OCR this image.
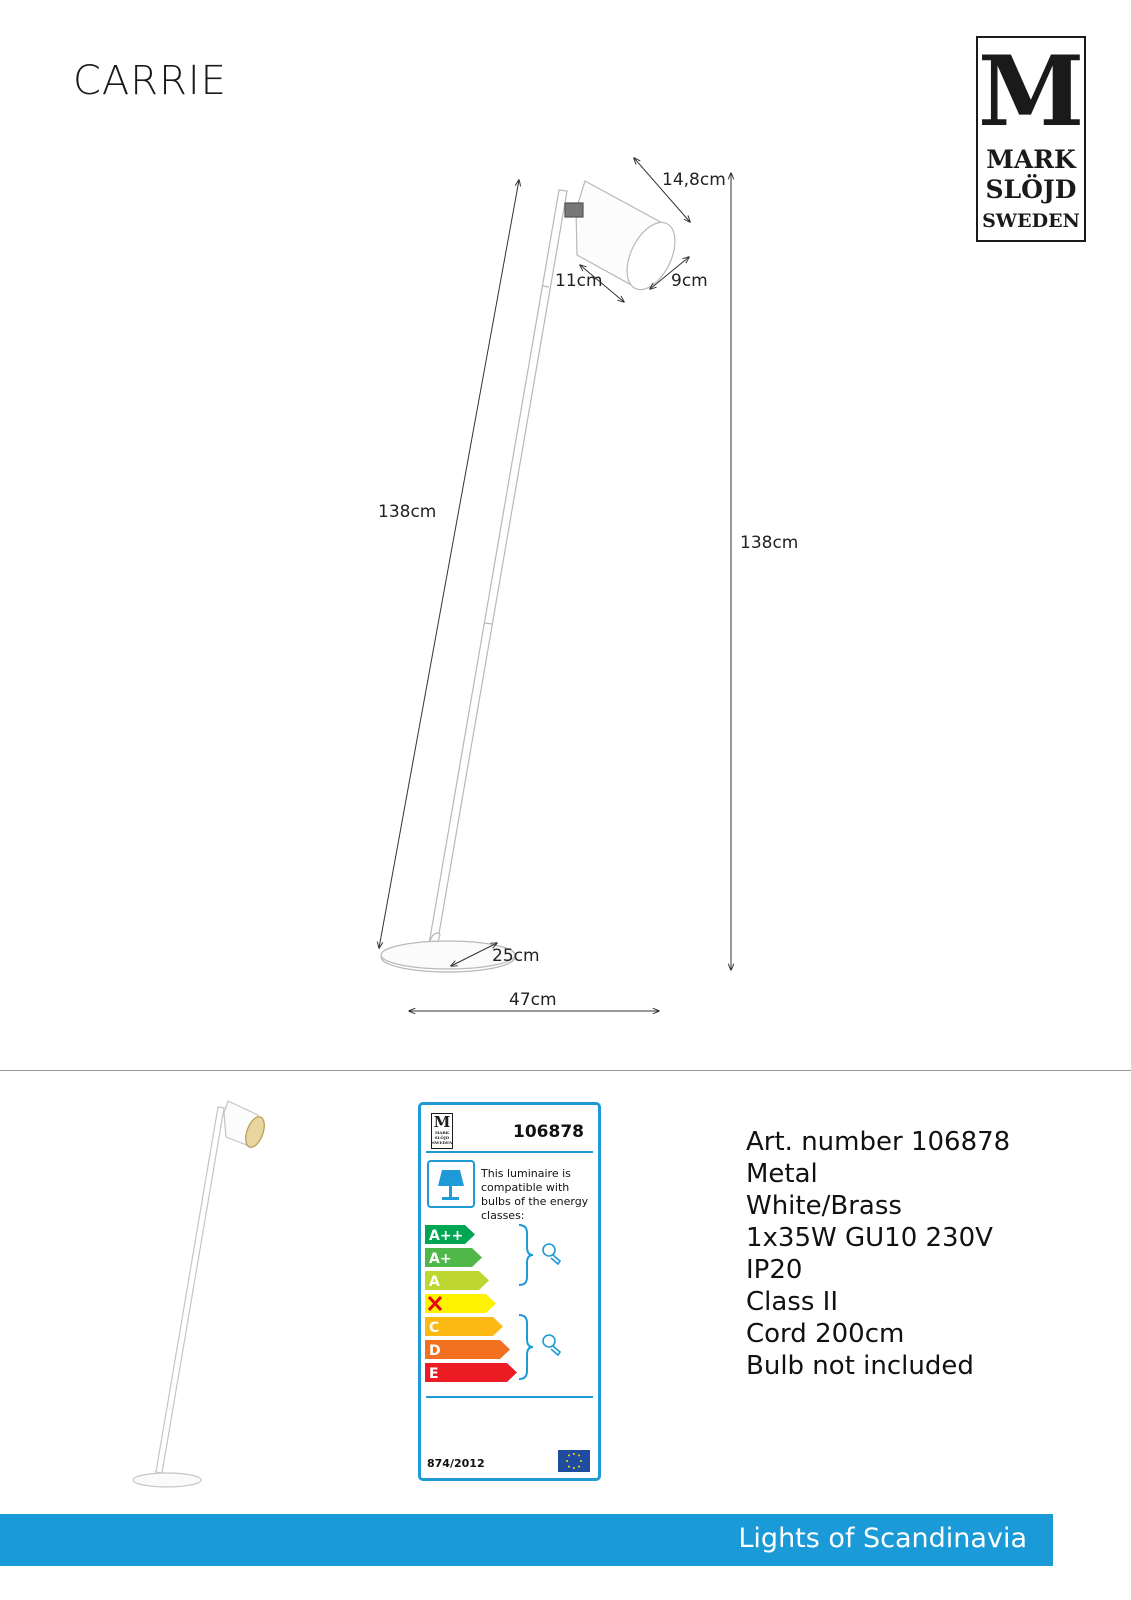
CARRIE	M
MARK
SLÖJD
SWEDEN
14,8cm
11cm	9cm
138cm
138cm
25cm
47cm
M
MARK
SLÖJD
SWEDEN
106878
This luminaire is compatible with bulbs of the energy classes:
A++
A+
A
C
D
E
874/2012
Art. number 106878
Metal
White/Brass
1x35W GU10 230V
IP20
Class II
Cord 200cm
Bulb not included
Lights of Scandinavia
